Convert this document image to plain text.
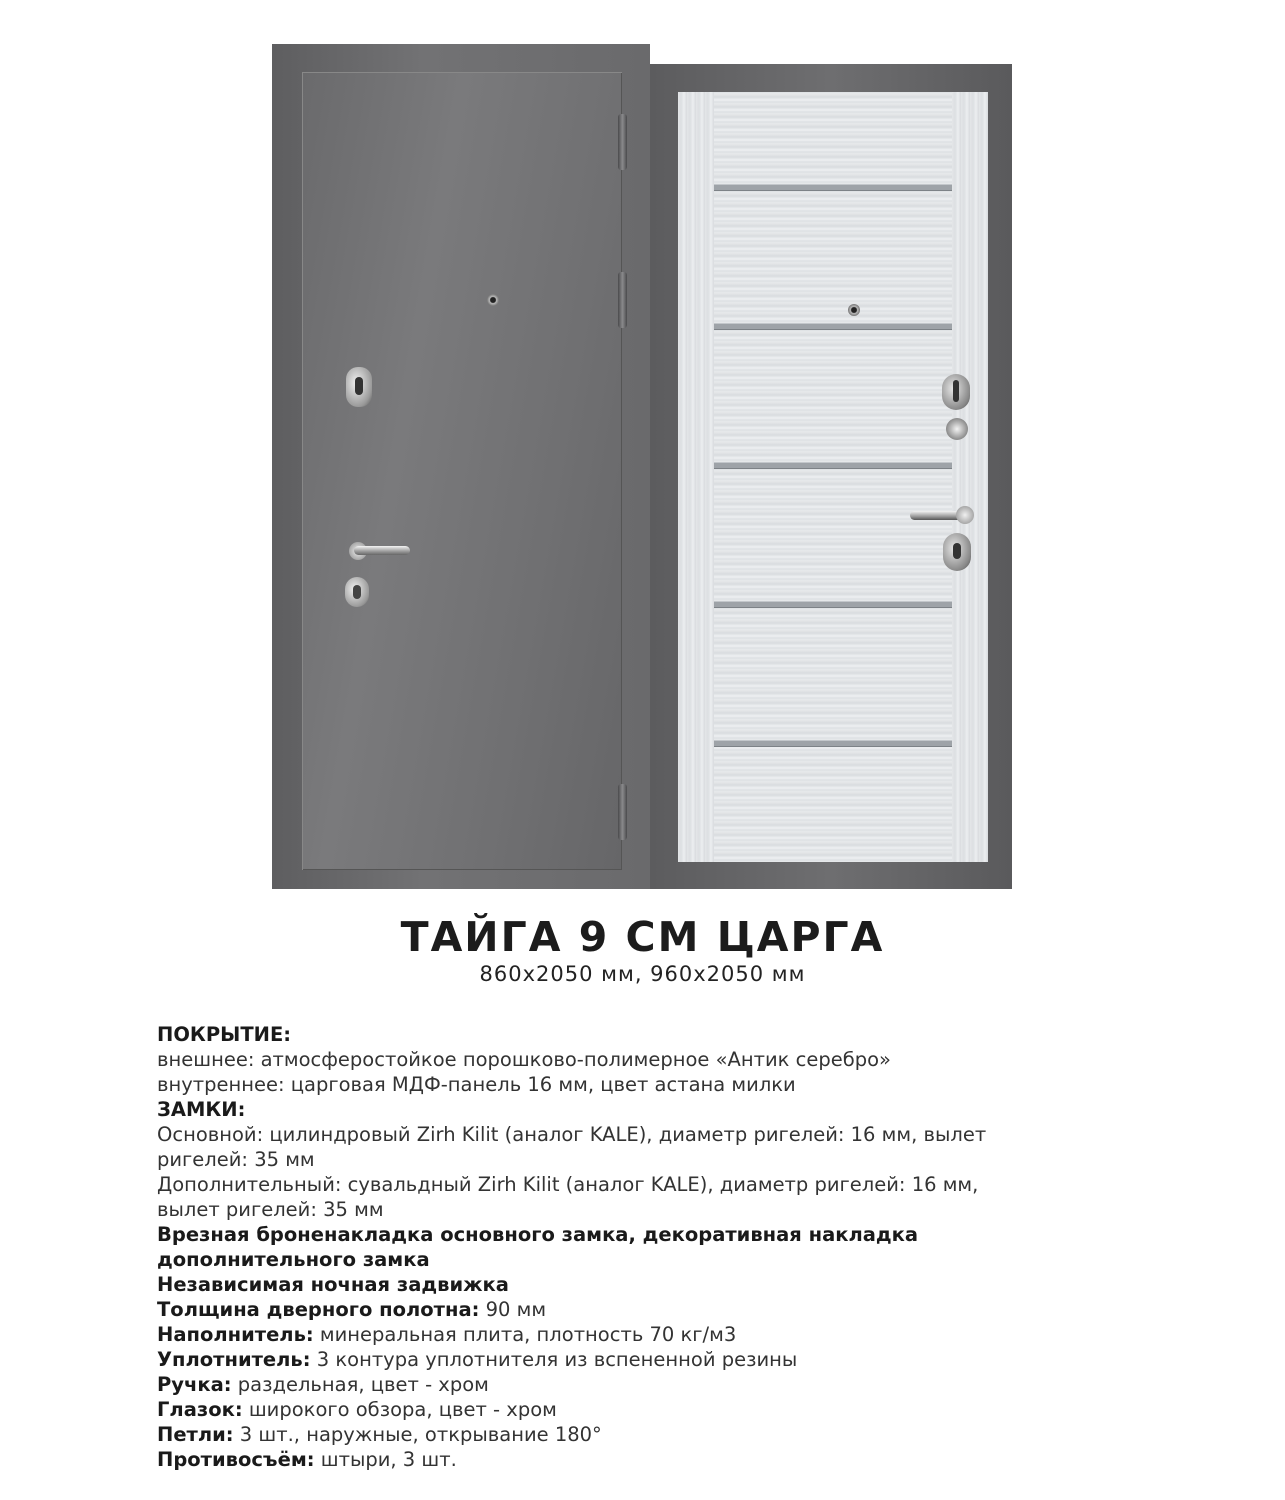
ТАЙГА 9 СМ ЦАРГА
860х2050 мм, 960х2050 мм
ПОКРЫТИЕ:
внешнее: атмосферостойкое порошково-полимерное «Антик серебро»
внутреннее: царговая МДФ-панель 16 мм, цвет астана милки
ЗАМКИ:
Основной: цилиндровый Zirh Kilit (аналог KALE), диаметр ригелей: 16 мм, вылет
ригелей: 35 мм
Дополнительный: сувальдный Zirh Kilit (аналог KALE), диаметр ригелей: 16 мм,
вылет ригелей: 35 мм
Врезная броненакладка основного замка, декоративная накладка
дополнительного замка
Независимая ночная задвижка
Толщина дверного полотна: 90 мм
Наполнитель: минеральная плита, плотность 70 кг/м3
Уплотнитель: 3 контура уплотнителя из вспененной резины
Ручка: раздельная, цвет - хром
Глазок: широкого обзора, цвет - хром
Петли: 3 шт., наружные, открывание 180°
Противосъём: штыри, 3 шт.
